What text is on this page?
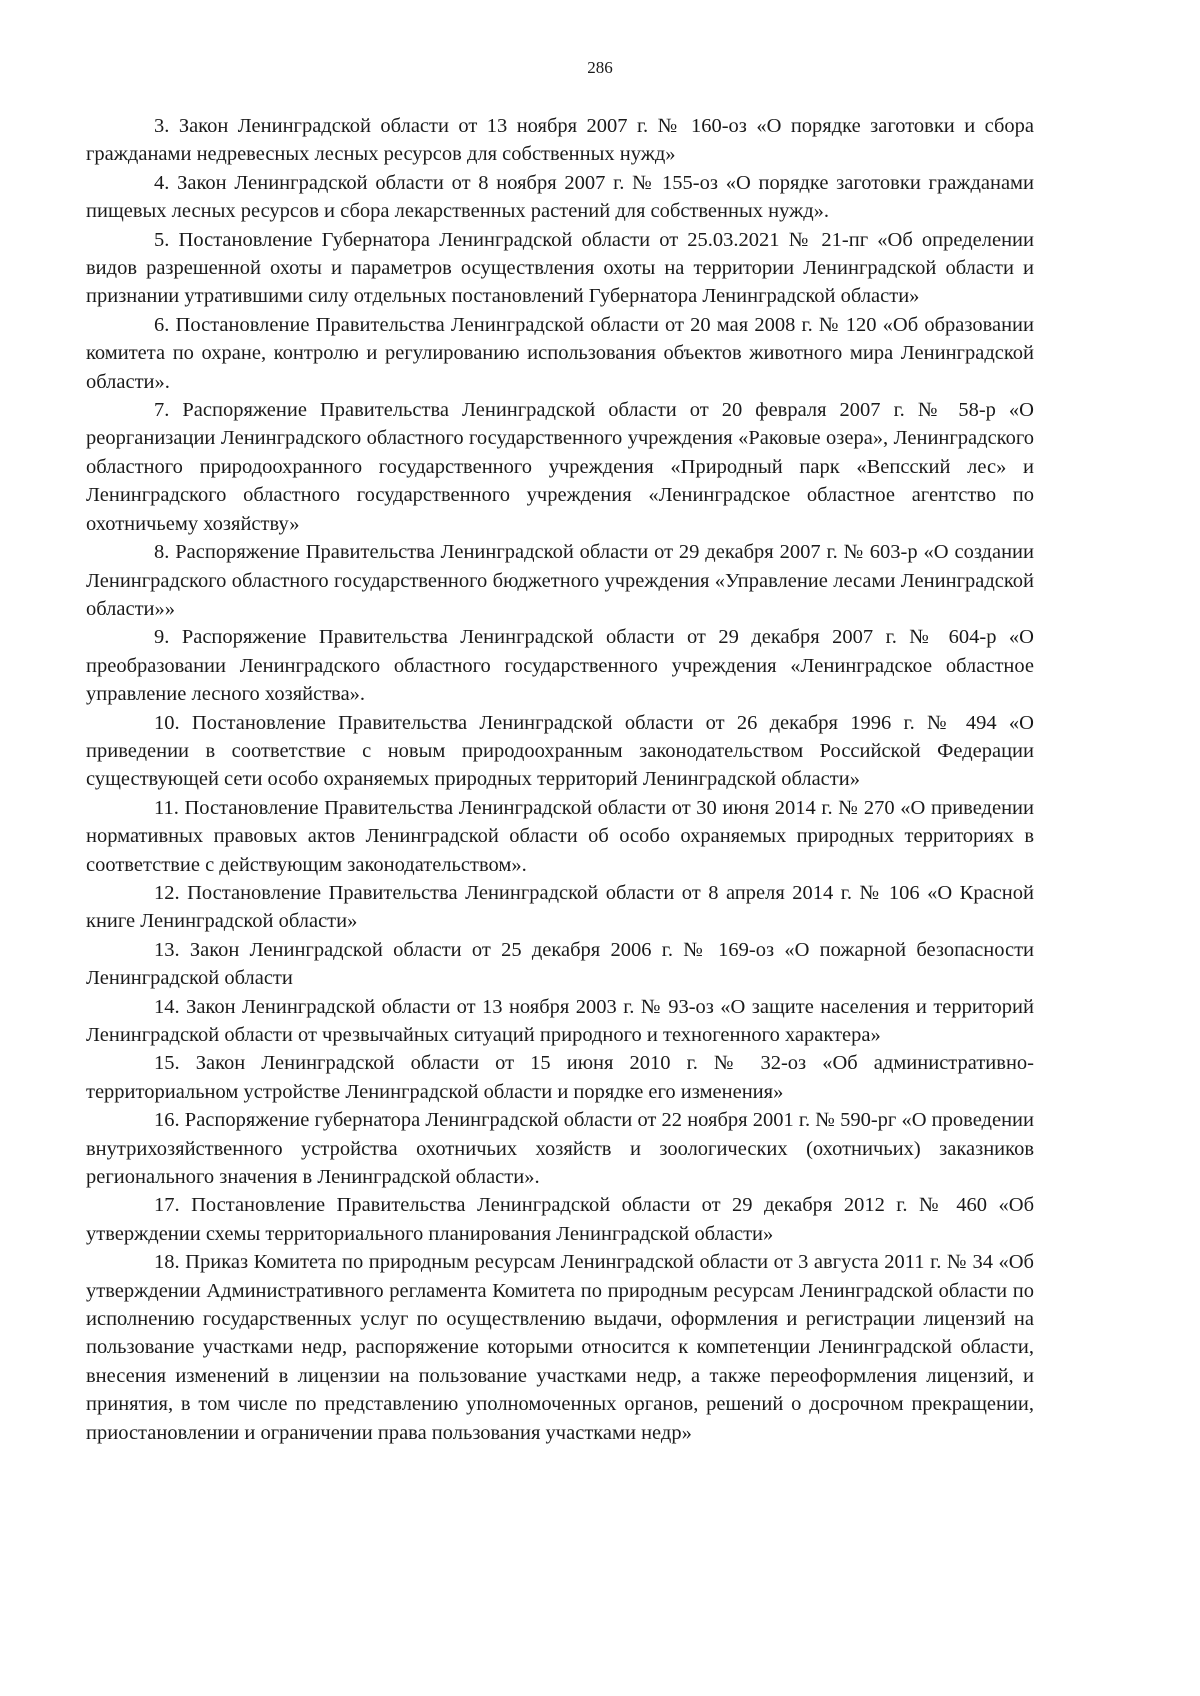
286

3. Закон Ленинградской области от 13 ноября 2007 г. № 160-оз «О порядке заготовки и сбора гражданами недревесных лесных ресурсов для собственных нужд»

4. Закон Ленинградской области от 8 ноября 2007 г. № 155-оз «О порядке заготовки гражданами пищевых лесных ресурсов и сбора лекарственных растений для собственных нужд».

5. Постановление Губернатора Ленинградской области от 25.03.2021 № 21-пг «Об определении видов разрешенной охоты и параметров осуществления охоты на территории Ленинградской области и признании утратившими силу отдельных постановлений Губернатора Ленинградской области»

6. Постановление Правительства Ленинградской области от 20 мая 2008 г. № 120 «Об образовании комитета по охране, контролю и регулированию использования объектов животного мира Ленинградской области».

7. Распоряжение Правительства Ленинградской области от 20 февраля 2007 г. № 58-р «О реорганизации Ленинградского областного государственного учреждения «Раковые озера», Ленинградского областного природоохранного государственного учреждения «Природный парк «Вепсский лес» и Ленинградского областного государственного учреждения «Ленинградское областное агентство по охотничьему хозяйству»

8. Распоряжение Правительства Ленинградской области от 29 декабря 2007 г. № 603-р «О создании Ленинградского областного государственного бюджетного учреждения «Управление лесами Ленинградской области»»

9. Распоряжение Правительства Ленинградской области от 29 декабря 2007 г. № 604-р «О преобразовании Ленинградского областного государственного учреждения «Ленинградское областное управление лесного хозяйства».

10. Постановление Правительства Ленинградской области от 26 декабря 1996 г. № 494 «О приведении в соответствие с новым природоохранным законодательством Российской Федерации существующей сети особо охраняемых природных территорий Ленинградской области»

11. Постановление Правительства Ленинградской области от 30 июня 2014 г. № 270 «О приведении нормативных правовых актов Ленинградской области об особо охраняемых природных территориях в соответствие с действующим законодательством».

12. Постановление Правительства Ленинградской области от 8 апреля 2014 г. № 106 «О Красной книге Ленинградской области»

13. Закон Ленинградской области от 25 декабря 2006 г. № 169-оз «О пожарной безопасности Ленинградской области

14. Закон Ленинградской области от 13 ноября 2003 г. № 93-оз «О защите населения и территорий Ленинградской области от чрезвычайных ситуаций природного и техногенного характера»

15. Закон Ленинградской области от 15 июня 2010 г. № 32-оз «Об административно-территориальном устройстве Ленинградской области и порядке его изменения»

16. Распоряжение губернатора Ленинградской области от 22 ноября 2001 г. № 590-рг «О проведении внутрихозяйственного устройства охотничьих хозяйств и зоологических (охотничьих) заказников регионального значения в Ленинградской области».

17. Постановление Правительства Ленинградской области от 29 декабря 2012 г. № 460 «Об утверждении схемы территориального планирования Ленинградской области»

18. Приказ Комитета по природным ресурсам Ленинградской области от 3 августа 2011 г. № 34 «Об утверждении Административного регламента Комитета по природным ресурсам Ленинградской области по исполнению государственных услуг по осуществлению выдачи, оформления и регистрации лицензий на пользование участками недр, распоряжение которыми относится к компетенции Ленинградской области, внесения изменений в лицензии на пользование участками недр, а также переоформления лицензий, и принятия, в том числе по представлению уполномоченных органов, решений о досрочном прекращении, приостановлении и ограничении права пользования участками недр»
